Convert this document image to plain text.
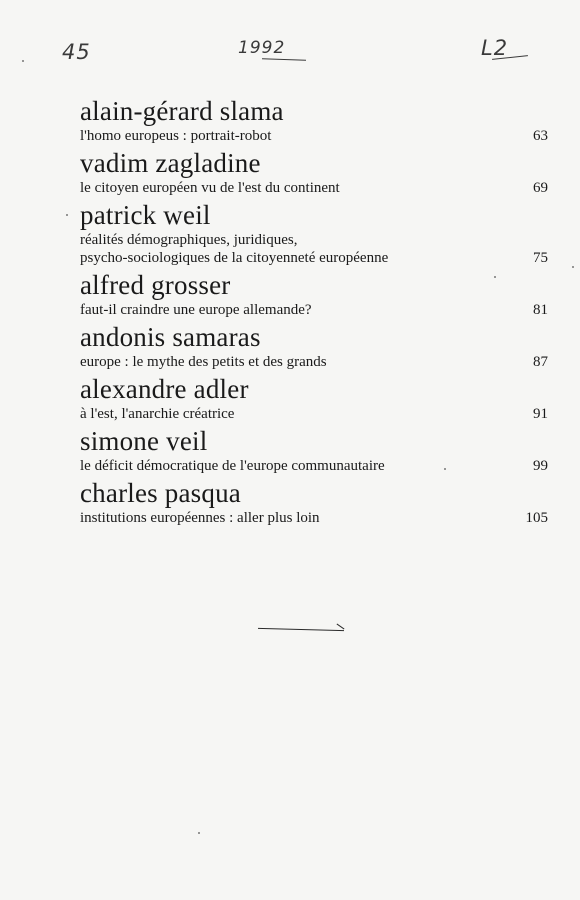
45	1992	L2
alain-gérard slama
l'homo europeus : portrait-robot	63
vadim zagladine
le citoyen européen vu de l'est du continent	69
patrick weil
réalités démographiques, juridiques,
psycho-sociologiques de la citoyenneté européenne	75
alfred grosser
faut-il craindre une europe allemande?	81
andonis samaras
europe : le mythe des petits et des grands	87
alexandre adler
à l'est, l'anarchie créatrice	91
simone veil
le déficit démocratique de l'europe communautaire	99
charles pasqua
institutions européennes : aller plus loin	105
